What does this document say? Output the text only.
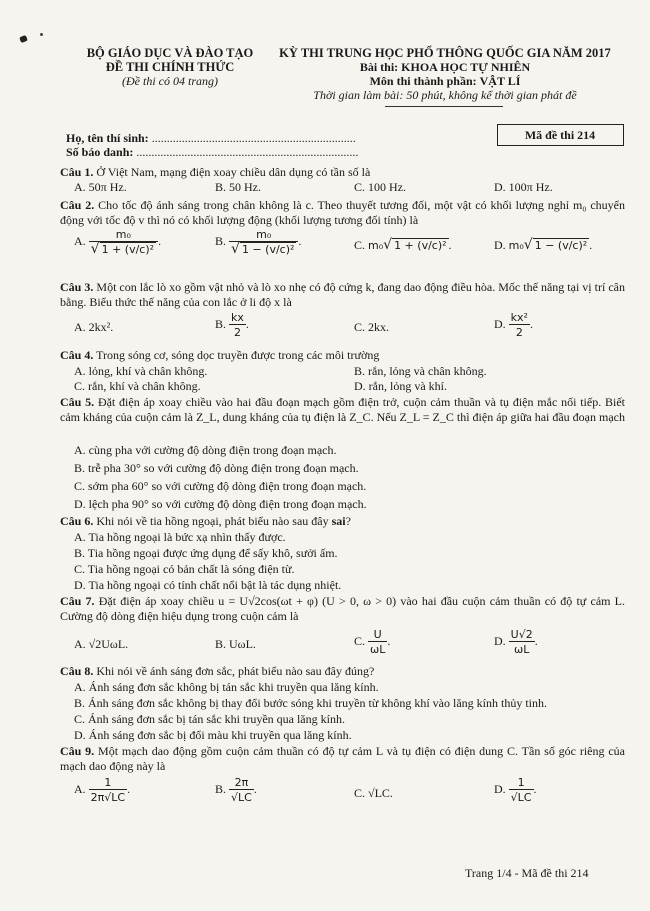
BỘ GIÁO DỤC VÀ ĐÀO TẠO
ĐỀ THI CHÍNH THỨC
(Đề thi có 04 trang)
KỲ THI TRUNG HỌC PHỔ THÔNG QUỐC GIA NĂM 2017
Bài thi: KHOA HỌC TỰ NHIÊN
Môn thi thành phần: VẬT LÍ
Thời gian làm bài: 50 phút, không kể thời gian phát đề
Họ, tên thí sinh: ....................................................................
Số báo danh: ..........................................................................
Mã đề thi 214
Câu 1. Ở Việt Nam, mạng điện xoay chiều dân dụng có tần số là
A. 50π Hz.	B. 50 Hz.	C. 100 Hz.	D. 100π Hz.
Câu 2. Cho tốc độ ánh sáng trong chân không là c. Theo thuyết tương đối, một vật có khối lượng nghỉ m₀ chuyển động với tốc độ v thì nó có khối lượng động (khối lượng tương đối tính) là
A. $\frac{\text{m₀}}{\text{√ 1 + (v/c)²}}$ .	B. $\frac{\text{m₀}}{\text{√ 1 − (v/c)²}}$ .	C. m₀√ 1 + (v/c)² .	D. m₀√ 1 − (v/c)² .
Câu 3. Một con lắc lò xo gồm vật nhỏ và lò xo nhẹ có độ cứng k, đang dao động điều hòa. Mốc thế năng tại vị trí cân bằng. Biểu thức thế năng của con lắc ở li độ x là
A. 2kx².	B. $\frac{kx}{2}$ .	C. 2kx.	D. $\frac{\text{kx²}}{2}$ .
Câu 4. Trong sóng cơ, sóng dọc truyền được trong các môi trường
A. lỏng, khí và chân không.	B. rắn, lỏng và chân không.
C. rắn, khí và chân không.	D. rắn, lỏng và khí.
Câu 5. Đặt điện áp xoay chiều vào hai đầu đoạn mạch gồm điện trở, cuộn cảm thuần và tụ điện mắc nối tiếp. Biết cảm kháng của cuộn cảm là Z_L, dung kháng của tụ điện là Z_C. Nếu Z_L = Z_C thì điện áp giữa hai đầu đoạn mạch
A. cùng pha với cường độ dòng điện trong đoạn mạch.
B. trễ pha 30° so với cường độ dòng điện trong đoạn mạch.
C. sớm pha 60° so với cường độ dòng điện trong đoạn mạch.
D. lệch pha 90° so với cường độ dòng điện trong đoạn mạch.
Câu 6. Khi nói về tia hồng ngoại, phát biểu nào sau đây sai?
A. Tia hồng ngoại là bức xạ nhìn thấy được.
B. Tia hồng ngoại được ứng dụng để sấy khô, sưởi ấm.
C. Tia hồng ngoại có bản chất là sóng điện từ.
D. Tia hồng ngoại có tính chất nổi bật là tác dụng nhiệt.
Câu 7. Đặt điện áp xoay chiều u = U√2cos(ωt + φ) (U > 0, ω > 0) vào hai đầu cuộn cảm thuần có độ tự cảm L. Cường độ dòng điện hiệu dụng trong cuộn cảm là
A. √2UωL.	B. UωL.	C. $\frac{U}{\omega L}$ .	D. $\frac{U√2}{\omega L}$ .
Câu 8. Khi nói về ánh sáng đơn sắc, phát biểu nào sau đây đúng?
A. Ánh sáng đơn sắc không bị tán sắc khi truyền qua lăng kính.
B. Ánh sáng đơn sắc không bị thay đổi bước sóng khi truyền từ không khí vào lăng kính thủy tinh.
C. Ánh sáng đơn sắc bị tán sắc khi truyền qua lăng kính.
D. Ánh sáng đơn sắc bị đổi màu khi truyền qua lăng kính.
Câu 9. Một mạch dao động gồm cuộn cảm thuần có độ tự cảm L và tụ điện có điện dung C. Tần số góc riêng của mạch dao động này là
A. $\frac{1}{2\pi√LC}$ .	B. $\frac{2\pi}{√LC}$ .	C. √LC.	D. $\frac{1}{√LC}$ .
Trang 1/4 - Mã đề thi 214
